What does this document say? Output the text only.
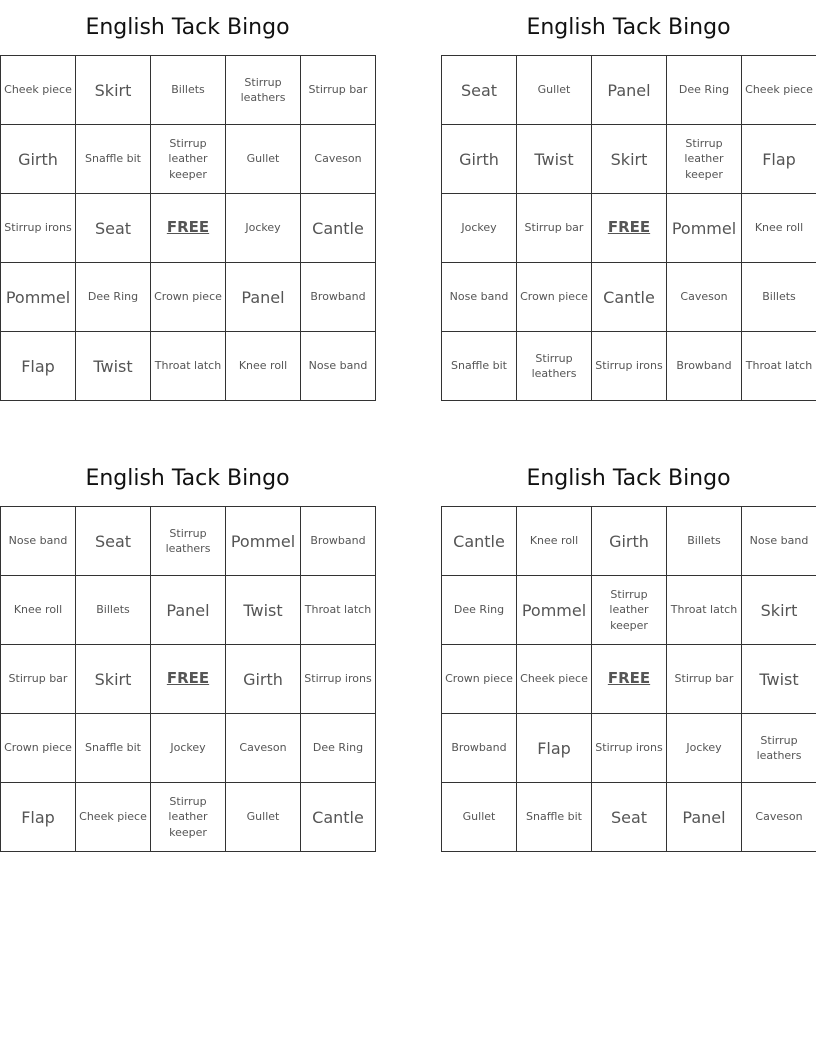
English Tack Bingo
Cheek piece	Skirt	Billets	Stirrup leathers	Stirrup bar
Girth	Snaffle bit	Stirrup leather keeper	Gullet	Caveson
Stirrup irons	Seat	FREE	Jockey	Cantle
Pommel	Dee Ring	Crown piece	Panel	Browband
Flap	Twist	Throat latch	Knee roll	Nose band
English Tack Bingo
Seat	Gullet	Panel	Dee Ring	Cheek piece
Girth	Twist	Skirt	Stirrup leather keeper	Flap
Jockey	Stirrup bar	FREE	Pommel	Knee roll
Nose band	Crown piece	Cantle	Caveson	Billets
Snaffle bit	Stirrup leathers	Stirrup irons	Browband	Throat latch
English Tack Bingo
Nose band	Seat	Stirrup leathers	Pommel	Browband
Knee roll	Billets	Panel	Twist	Throat latch
Stirrup bar	Skirt	FREE	Girth	Stirrup irons
Crown piece	Snaffle bit	Jockey	Caveson	Dee Ring
Flap	Cheek piece	Stirrup leather keeper	Gullet	Cantle
English Tack Bingo
Cantle	Knee roll	Girth	Billets	Nose band
Dee Ring	Pommel	Stirrup leather keeper	Throat latch	Skirt
Crown piece	Cheek piece	FREE	Stirrup bar	Twist
Browband	Flap	Stirrup irons	Jockey	Stirrup leathers
Gullet	Snaffle bit	Seat	Panel	Caveson
